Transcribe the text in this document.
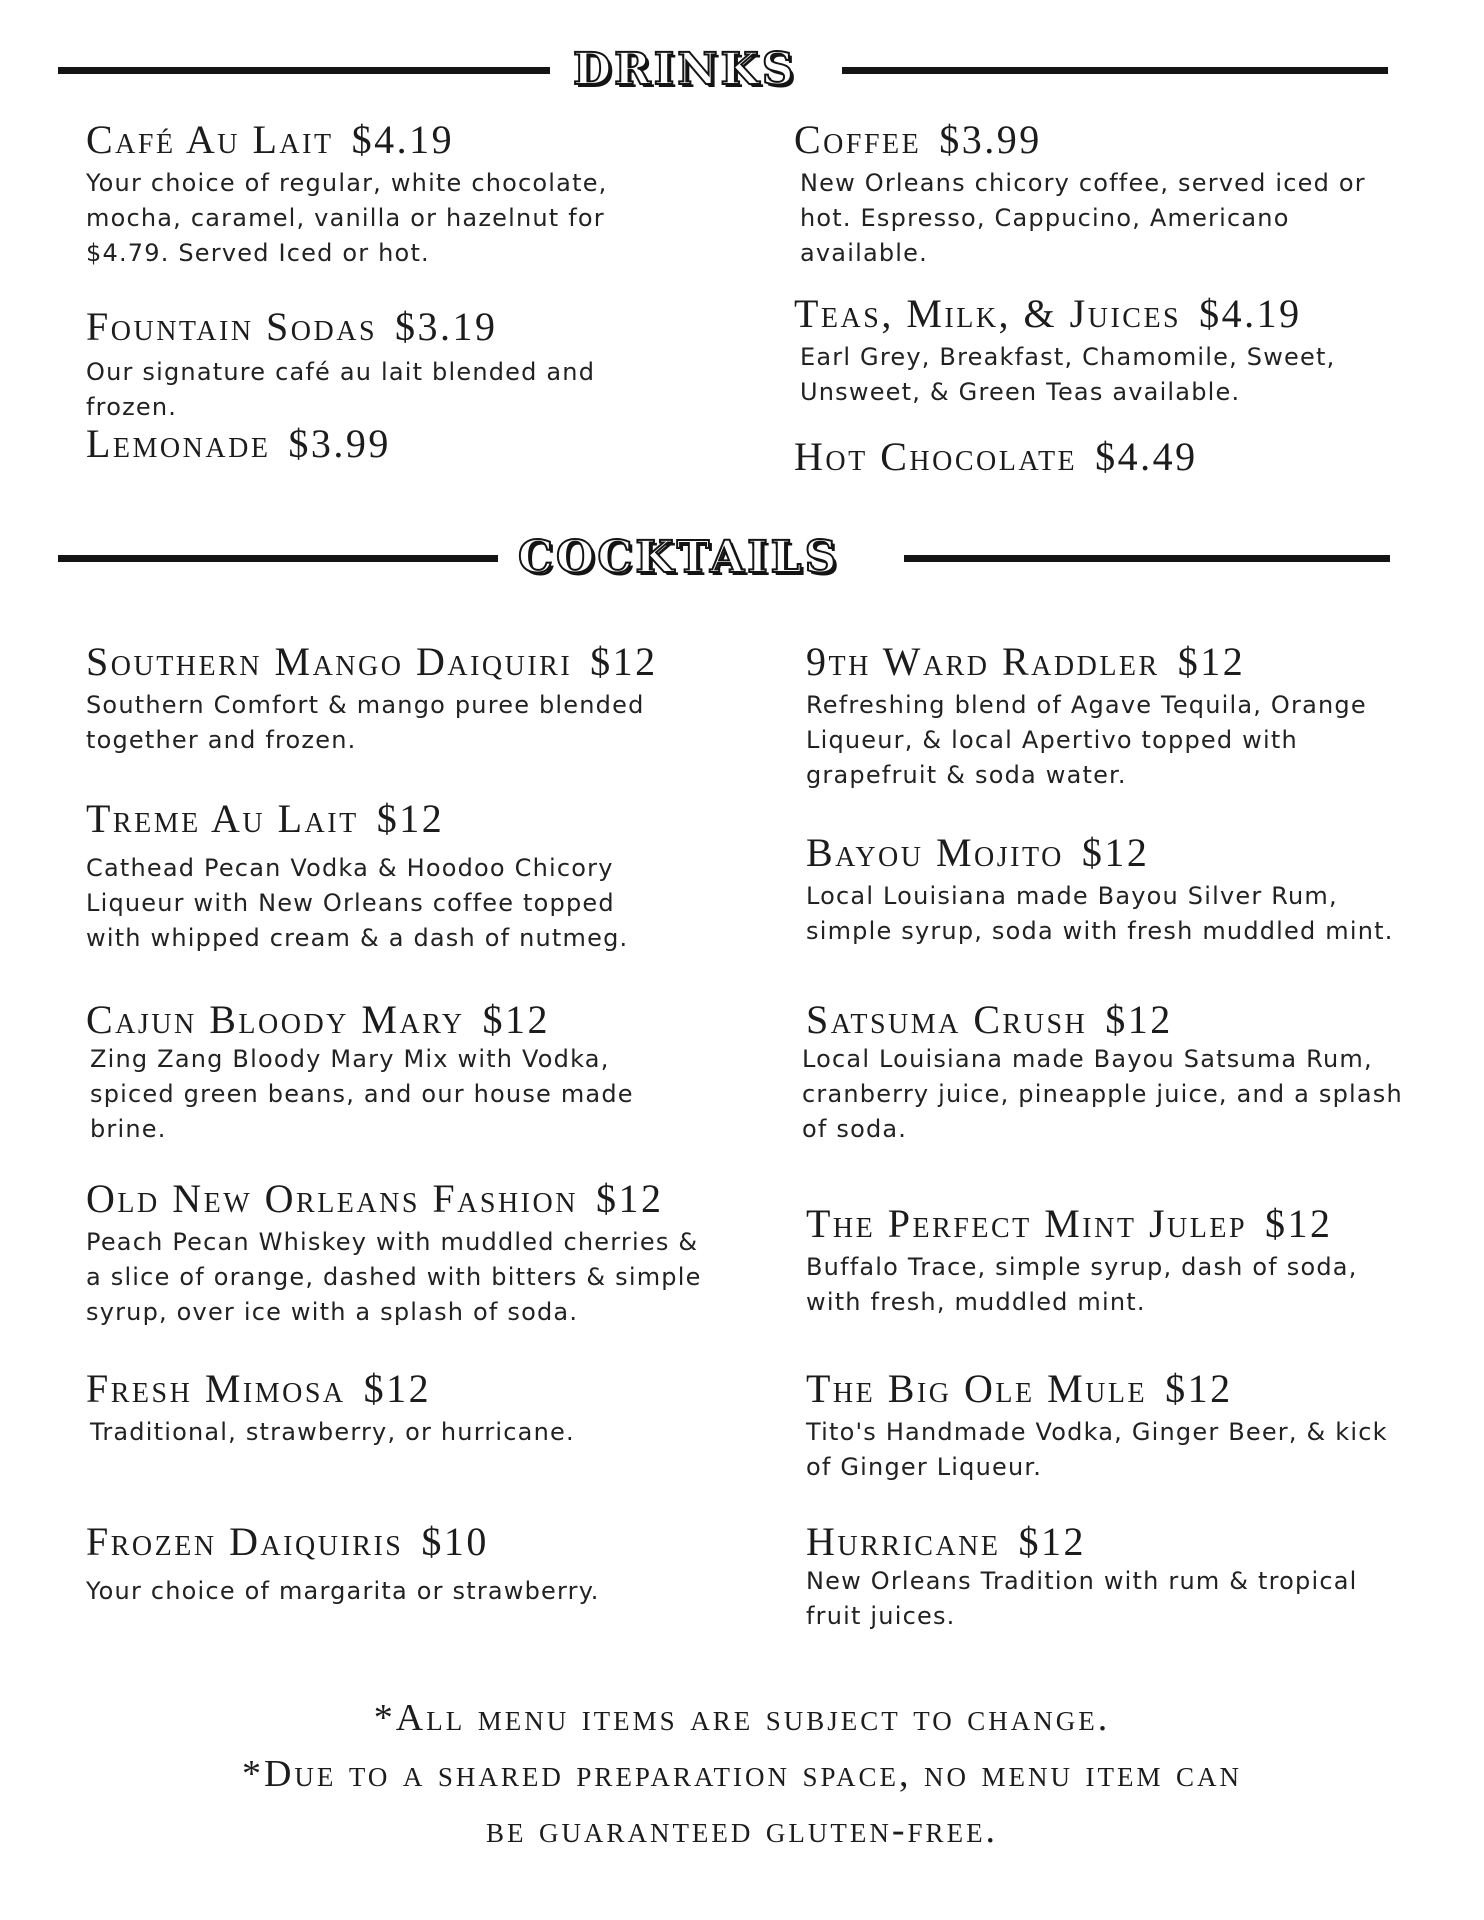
DRINKS
Café Au Lait $4.19
Your choice of regular, white chocolate, mocha, caramel, vanilla or hazelnut for $4.79. Served Iced or hot.
Fountain Sodas $3.19
Our signature café au lait blended and frozen.
Lemonade $3.99
Coffee $3.99
New Orleans chicory coffee, served iced or hot. Espresso, Cappucino, Americano available.
Teas, Milk, & Juices $4.19
Earl Grey, Breakfast, Chamomile, Sweet, Unsweet, & Green Teas available.
Hot Chocolate $4.49
COCKTAILS
Southern Mango Daiquiri $12
Southern Comfort & mango puree blended together and frozen.
Treme Au Lait $12
Cathead Pecan Vodka & Hoodoo Chicory Liqueur with New Orleans coffee topped with whipped cream & a dash of nutmeg.
Cajun Bloody Mary $12
Zing Zang Bloody Mary Mix with Vodka, spiced green beans, and our house made brine.
Old New Orleans Fashion $12
Peach Pecan Whiskey with muddled cherries & a slice of orange, dashed with bitters & simple syrup, over ice with a splash of soda.
Fresh Mimosa $12
Traditional, strawberry, or hurricane.
Frozen Daiquiris $10
Your choice of margarita or strawberry.
9th Ward Raddler $12
Refreshing blend of Agave Tequila, Orange Liqueur, & local Apertivo topped with grapefruit & soda water.
Bayou Mojito $12
Local Louisiana made Bayou Silver Rum, simple syrup, soda with fresh muddled mint.
Satsuma Crush $12
Local Louisiana made Bayou Satsuma Rum, cranberry juice, pineapple juice, and a splash of soda.
The Perfect Mint Julep $12
Buffalo Trace, simple syrup, dash of soda, with fresh, muddled mint.
The Big Ole Mule $12
Tito's Handmade Vodka, Ginger Beer, & kick of Ginger Liqueur.
Hurricane $12
New Orleans Tradition with rum & tropical fruit juices.
*All menu items are subject to change.
*Due to a shared preparation space, no menu item can
be guaranteed gluten-free.
